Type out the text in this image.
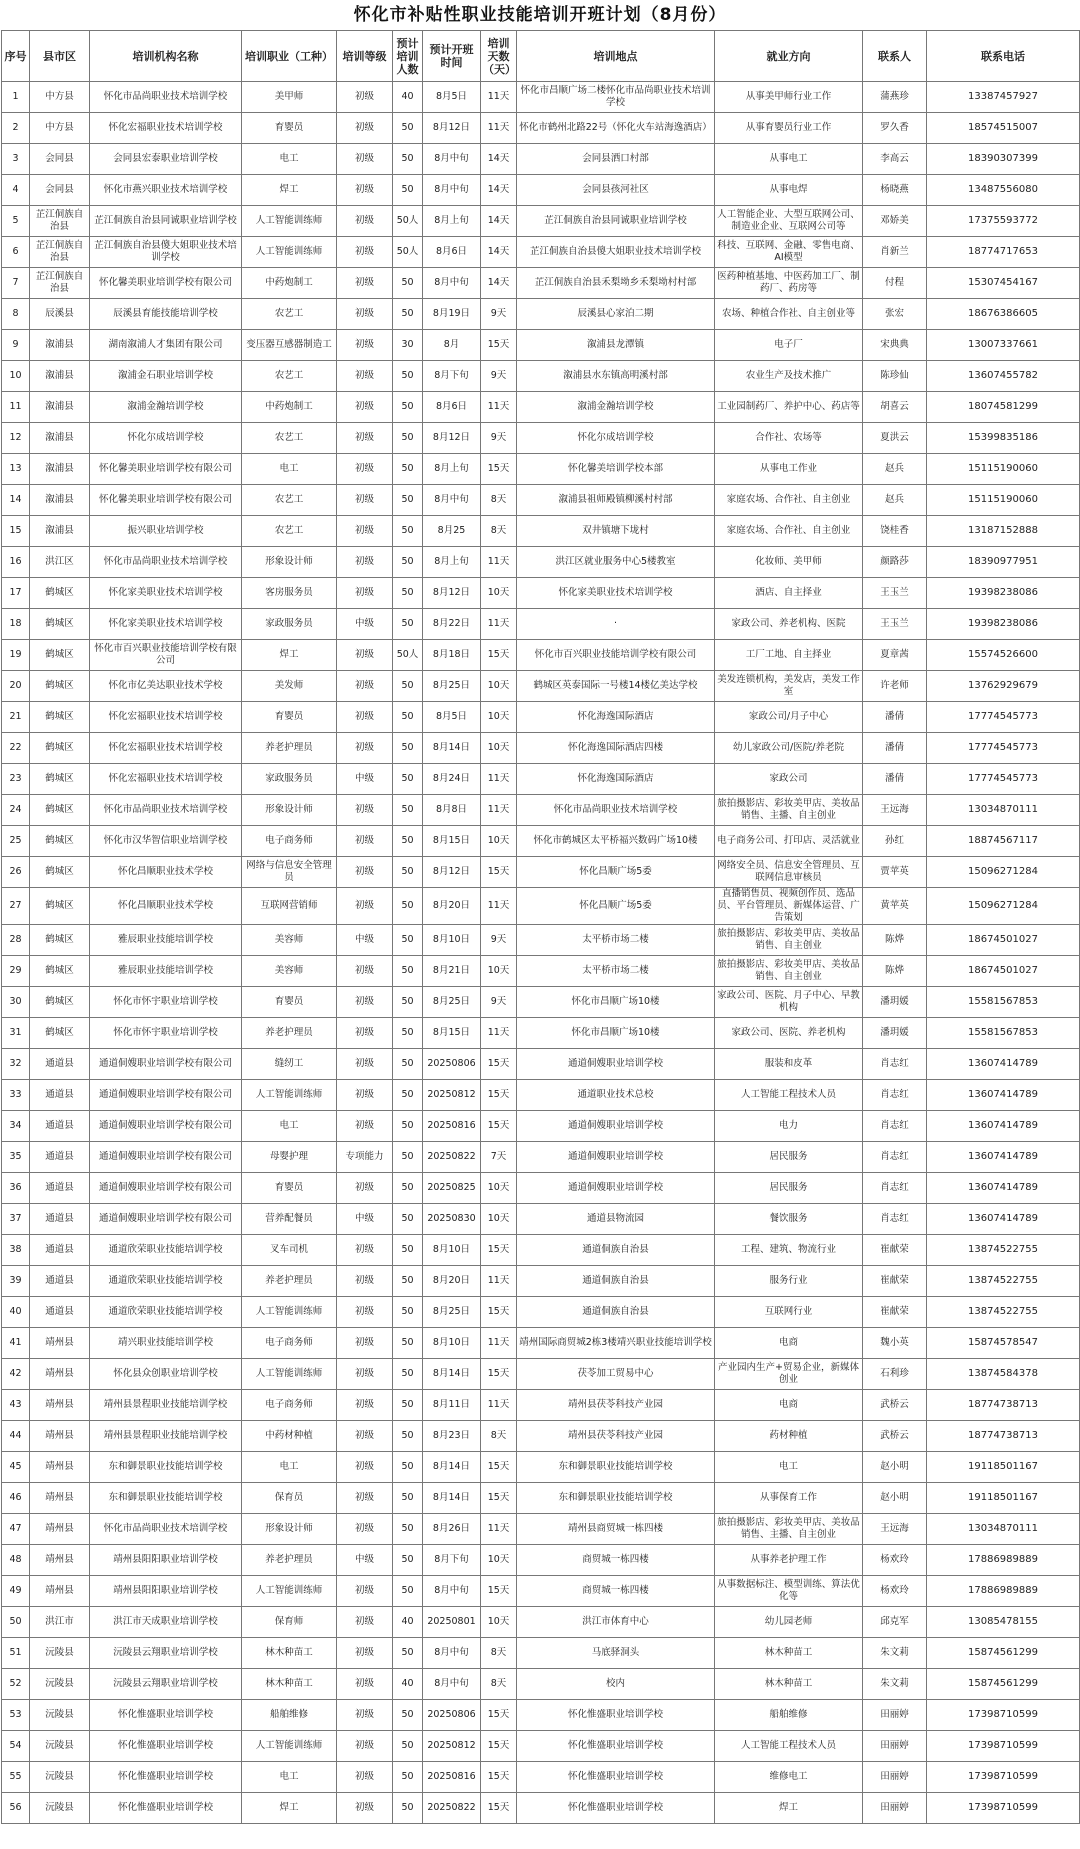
怀化市补贴性职业技能培训开班计划（8月份）
序号	县市区	培训机构名称	培训职业（工种）	培训等级	预计培训人数	预计开班时间	培训天数（天）	培训地点	就业方向	联系人	联系电话
1	中方县	怀化市品尚职业技术培训学校	美甲师	初级	40	8月5日	11天	怀化市昌顺广场二楼怀化市品尚职业技术培训学校	从事美甲师行业工作	蒲燕珍	13387457927
2	中方县	怀化宏福职业技术培训学校	育婴员	初级	50	8月12日	11天	怀化市鹤州北路22号（怀化火车站海逸酒店）	从事育婴员行业工作	罗久香	18574515007
3	会同县	会同县宏泰职业培训学校	电工	初级	50	8月中旬	14天	会同县洒口村部	从事电工	李高云	18390307399
4	会同县	怀化市燕兴职业技术培训学校	焊工	初级	50	8月中旬	14天	会同县孩河社区	从事电焊	杨晓燕	13487556080
5	芷江侗族自治县	芷江侗族自治县同诚职业培训学校	人工智能训练师	初级	50人	8月上旬	14天	芷江侗族自治县同诚职业培训学校	人工智能企业、大型互联网公司、制造业企业、互联网公司等	邓娇美	17375593772
6	芷江侗族自治县	芷江侗族自治县傻大姐职业技术培训学校	人工智能训练师	初级	50人	8月6日	14天	芷江侗族自治县傻大姐职业技术培训学校	科技、互联网、金融、零售电商、AI模型	肖新兰	18774717653
7	芷江侗族自治县	怀化馨美职业培训学校有限公司	中药炮制工	初级	50	8月中旬	14天	芷江侗族自治县禾梨坳乡禾梨坳村村部	医药种植基地、中医药加工厂、制药厂、药房等	付程	15307454167
8	辰溪县	辰溪县育能技能培训学校	农艺工	初级	50	8月19日	9天	辰溪县心家泊二期	农场、种植合作社、自主创业等	张宏	18676386605
9	溆浦县	湖南溆浦人才集团有限公司	变压器互感器制造工	初级	30	8月	15天	溆浦县龙潭镇	电子厂	宋典典	13007337661
10	溆浦县	溆浦金石职业培训学校	农艺工	初级	50	8月下旬	9天	溆浦县水东镇高明溪村部	农业生产及技术推广	陈珍仙	13607455782
11	溆浦县	溆浦金瀚培训学校	中药炮制工	初级	50	8月6日	11天	溆浦金瀚培训学校	工业园制药厂、养护中心、药店等	胡喜云	18074581299
12	溆浦县	怀化尔成培训学校	农艺工	初级	50	8月12日	9天	怀化尔成培训学校	合作社、农场等	夏洪云	15399835186
13	溆浦县	怀化馨美职业培训学校有限公司	电工	初级	50	8月上旬	15天	怀化馨美培训学校本部	从事电工作业	赵兵	15115190060
14	溆浦县	怀化馨美职业培训学校有限公司	农艺工	初级	50	8月中旬	8天	溆浦县祖师殿镇柳溪村村部	家庭农场、合作社、自主创业	赵兵	15115190060
15	溆浦县	振兴职业培训学校	农艺工	初级	50	8月25	8天	双井镇塘下垅村	家庭农场、合作社、自主创业	饶桂香	13187152888
16	洪江区	怀化市品尚职业技术培训学校	形象设计师	初级	50	8月上旬	11天	洪江区就业服务中心5楼教室	化妆师、美甲师	颜路莎	18390977951
17	鹤城区	怀化家美职业技术培训学校	客房服务员	初级	50	8月12日	10天	怀化家美职业技术培训学校	酒店、自主择业	王玉兰	19398238086
18	鹤城区	怀化家美职业技术培训学校	家政服务员	中级	50	8月22日	11天	·	家政公司、养老机构、医院	王玉兰	19398238086
19	鹤城区	怀化市百兴职业技能培训学校有限公司	焊工	初级	50人	8月18日	15天	怀化市百兴职业技能培训学校有限公司	工厂工地、自主择业	夏章茜	15574526600
20	鹤城区	怀化市亿美达职业技术学校	美发师	初级	50	8月25日	10天	鹤城区英泰国际一号楼14楼亿美达学校	美发连锁机构，美发店，美发工作室	许老师	13762929679
21	鹤城区	怀化宏福职业技术培训学校	育婴员	初级	50	8月5日	10天	怀化海逸国际酒店	家政公司/月子中心	潘倩	17774545773
22	鹤城区	怀化宏福职业技术培训学校	养老护理员	初级	50	8月14日	10天	怀化海逸国际酒店四楼	幼儿家政公司/医院/养老院	潘倩	17774545773
23	鹤城区	怀化宏福职业技术培训学校	家政服务员	中级	50	8月24日	11天	怀化海逸国际酒店	家政公司	潘倩	17774545773
24	鹤城区	怀化市品尚职业技术培训学校	形象设计师	初级	50	8月8日	11天	怀化市品尚职业技术培训学校	旅拍摄影店、彩妆美甲店、美妆品销售、主播、自主创业	王远海	13034870111
25	鹤城区	怀化市汉华智信职业培训学校	电子商务师	初级	50	8月15日	10天	怀化市鹤城区太平桥福兴数码广场10楼	电子商务公司、打印店、灵活就业	孙红	18874567117
26	鹤城区	怀化昌顺职业技术学校	网络与信息安全管理员	初级	50	8月12日	15天	怀化昌顺广场5委	网络安全员、信息安全管理员、互联网信息审核员	贾苹英	15096271284
27	鹤城区	怀化昌顺职业技术学校	互联网营销师	初级	50	8月20日	11天	怀化昌顺广场5委	直播销售员、视频创作员、选品员、平台管理员、新媒体运营、广告策划	黄苹英	15096271284
28	鹤城区	雅辰职业技能培训学校	美容师	中级	50	8月10日	9天	太平桥市场二楼	旅拍摄影店、彩妆美甲店、美妆品销售、自主创业	陈烨	18674501027
29	鹤城区	雅辰职业技能培训学校	美容师	初级	50	8月21日	10天	太平桥市场二楼	旅拍摄影店、彩妆美甲店、美妆品销售、自主创业	陈烨	18674501027
30	鹤城区	怀化市怀宇职业培训学校	育婴员	初级	50	8月25日	9天	怀化市昌顺广场10楼	家政公司、医院、月子中心、早教机构	潘玥媛	15581567853
31	鹤城区	怀化市怀宇职业培训学校	养老护理员	初级	50	8月15日	11天	怀化市昌顺广场10楼	家政公司、医院、养老机构	潘玥媛	15581567853
32	通道县	通道侗嫂职业培训学校有限公司	缝纫工	初级	50	20250806	15天	通道侗嫂职业培训学校	服装和皮革	肖志红	13607414789
33	通道县	通道侗嫂职业培训学校有限公司	人工智能训练师	初级	50	20250812	15天	通道职业技术总校	人工智能工程技术人员	肖志红	13607414789
34	通道县	通道侗嫂职业培训学校有限公司	电工	初级	50	20250816	15天	通道侗嫂职业培训学校	电力	肖志红	13607414789
35	通道县	通道侗嫂职业培训学校有限公司	母婴护理	专项能力	50	20250822	7天	通道侗嫂职业培训学校	居民服务	肖志红	13607414789
36	通道县	通道侗嫂职业培训学校有限公司	育婴员	初级	50	20250825	10天	通道侗嫂职业培训学校	居民服务	肖志红	13607414789
37	通道县	通道侗嫂职业培训学校有限公司	营养配餐员	中级	50	20250830	10天	通道县物流园	餐饮服务	肖志红	13607414789
38	通道县	通道欣荣职业技能培训学校	叉车司机	初级	50	8月10日	15天	通道侗族自治县	工程、建筑、物流行业	崔献荣	13874522755
39	通道县	通道欣荣职业技能培训学校	养老护理员	初级	50	8月20日	11天	通道侗族自治县	服务行业	崔献荣	13874522755
40	通道县	通道欣荣职业技能培训学校	人工智能训练师	初级	50	8月25日	15天	通道侗族自治县	互联网行业	崔献荣	13874522755
41	靖州县	靖兴职业技能培训学校	电子商务师	初级	50	8月10日	11天	靖州国际商贸城2栋3楼靖兴职业技能培训学校	电商	魏小英	15874578547
42	靖州县	怀化县众创职业培训学校	人工智能训练师	初级	50	8月14日	15天	茯苓加工贸易中心	产业园内生产+贸易企业，新媒体创业	石利珍	13874584378
43	靖州县	靖州县景程职业技能培训学校	电子商务师	初级	50	8月11日	11天	靖州县茯苓科技产业园	电商	武桥云	18774738713
44	靖州县	靖州县景程职业技能培训学校	中药材种植	初级	50	8月23日	8天	靖州县茯苓科技产业园	药材种植	武桥云	18774738713
45	靖州县	东和御景职业技能培训学校	电工	初级	50	8月14日	15天	东和御景职业技能培训学校	电工	赵小明	19118501167
46	靖州县	东和御景职业技能培训学校	保育员	初级	50	8月14日	15天	东和御景职业技能培训学校	从事保育工作	赵小明	19118501167
47	靖州县	怀化市品尚职业技术培训学校	形象设计师	初级	50	8月26日	11天	靖州县商贸城一栋四楼	旅拍摄影店、彩妆美甲店、美妆品销售、主播、自主创业	王远海	13034870111
48	靖州县	靖州县阳阳职业培训学校	养老护理员	中级	50	8月下旬	10天	商贸城一栋四楼	从事养老护理工作	杨欢玲	17886989889
49	靖州县	靖州县阳阳职业培训学校	人工智能训练师	初级	50	8月中旬	15天	商贸城一栋四楼	从事数据标注、模型训练、算法优化等	杨欢玲	17886989889
50	洪江市	洪江市天成职业培训学校	保育师	初级	40	20250801	10天	洪江市体育中心	幼儿园老师	邱克军	13085478155
51	沅陵县	沅陵县云翔职业培训学校	林木种苗工	初级	50	8月中旬	8天	马底驿洞头	林木种苗工	朱文莉	15874561299
52	沅陵县	沅陵县云翔职业培训学校	林木种苗工	初级	40	8月中旬	8天	校内	林木种苗工	朱文莉	15874561299
53	沅陵县	怀化惟盛职业培训学校	船舶维修	初级	50	20250806	15天	怀化惟盛职业培训学校	船舶维修	田丽婷	17398710599
54	沅陵县	怀化惟盛职业培训学校	人工智能训练师	初级	50	20250812	15天	怀化惟盛职业培训学校	人工智能工程技术人员	田丽婷	17398710599
55	沅陵县	怀化惟盛职业培训学校	电工	初级	50	20250816	15天	怀化惟盛职业培训学校	维修电工	田丽婷	17398710599
56	沅陵县	怀化惟盛职业培训学校	焊工	初级	50	20250822	15天	怀化惟盛职业培训学校	焊工	田丽婷	17398710599
